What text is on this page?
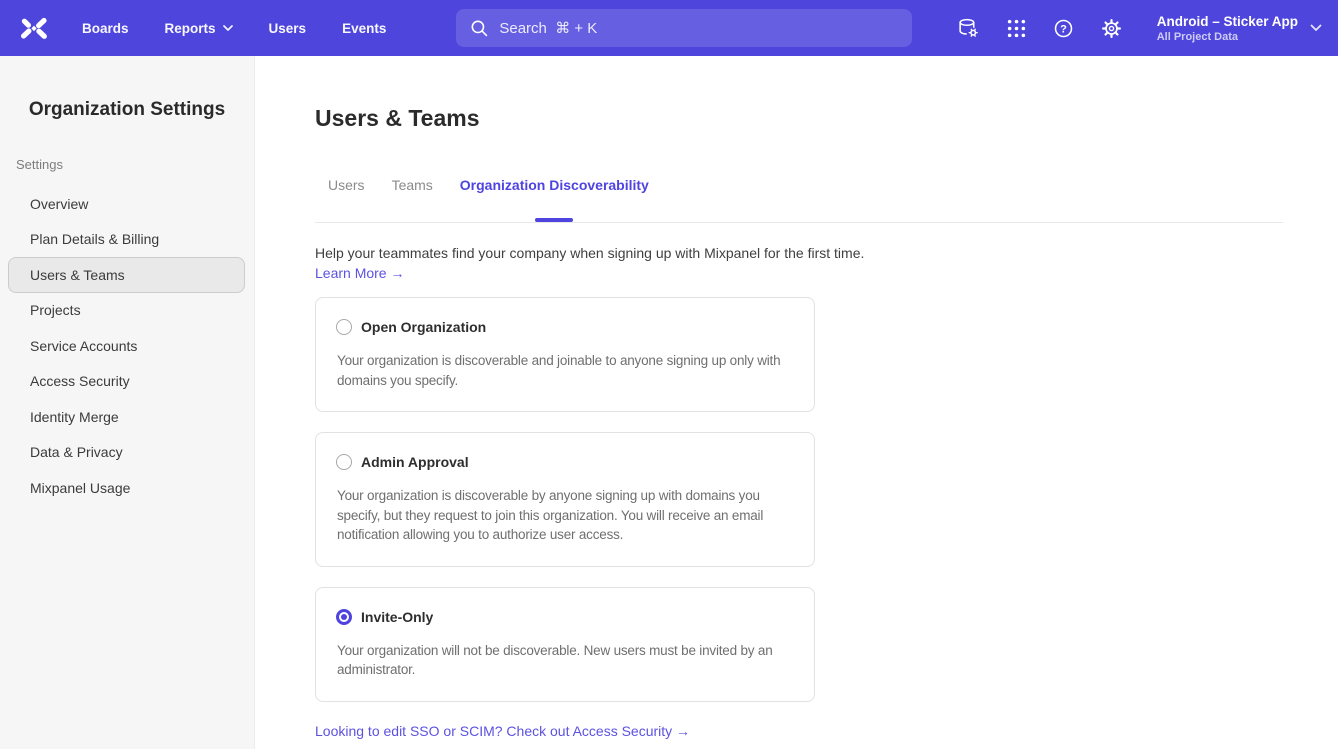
Boards	Reports	Users	Events
Search ⌘ + K	?
Android – Sticker App
All Project Data
Organization Settings
Settings
Overview
Plan Details & Billing
Users & Teams
Projects
Service Accounts
Access Security
Identity Merge
Data & Privacy
Mixpanel Usage
Users & Teams
Users Teams Organization Discoverability

Help your teammates find your company when signing up with Mixpanel for the first time.

Learn More →
Open Organization

Your organization is discoverable and joinable to anyone signing up only with domains you specify.

Admin Approval

Your organization is discoverable by anyone signing up with domains you specify, but they request to join this organization. You will receive an email notification allowing you to authorize user access.

Invite-Only

Your organization will not be discoverable. New users must be invited by an administrator.

Looking to edit SSO or SCIM? Check out Access Security →
